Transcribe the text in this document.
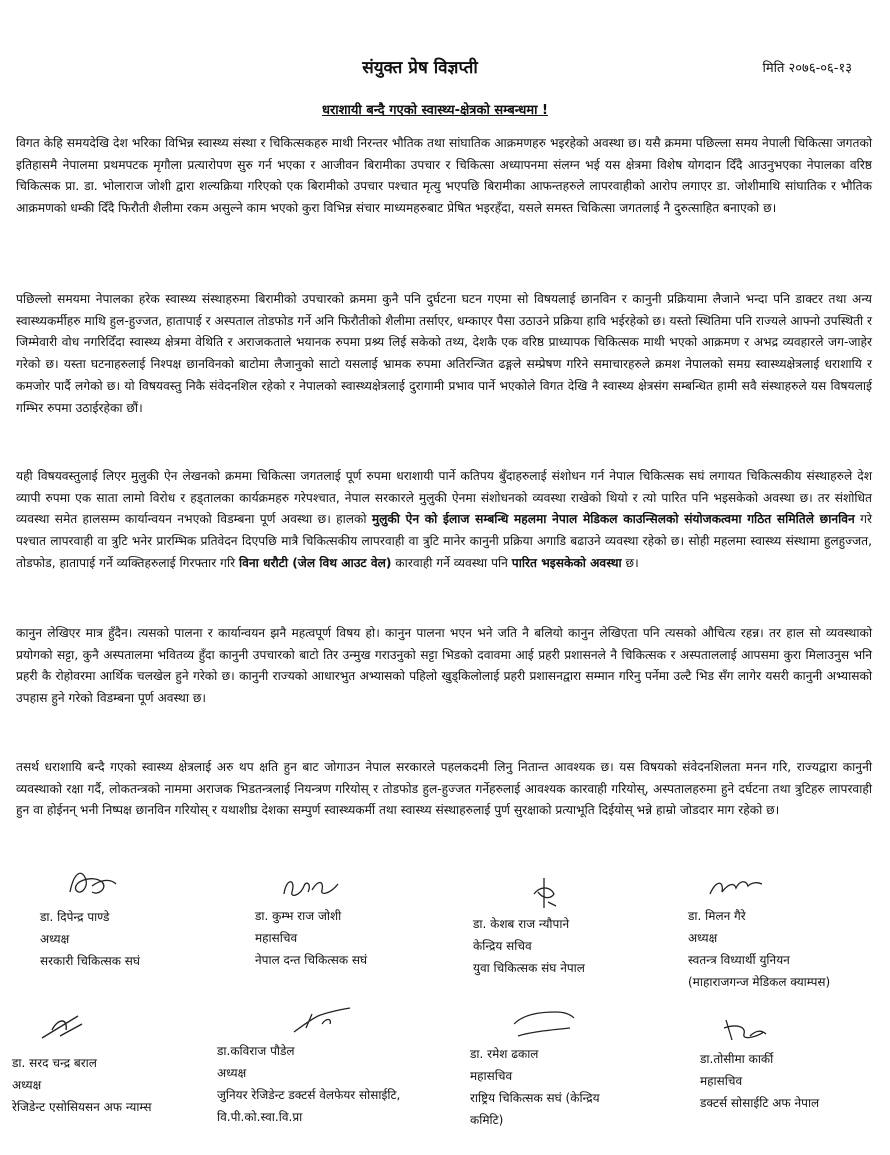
संयुक्त प्रेष विज्ञप्ती	मिति २०७६-०६-१३
धराशायी बन्दै गएको स्वास्थ्य-क्षेत्रको सम्बन्धमा !

विगत केहि समयदेखि देश भरिका विभिन्न स्वास्थ्य संस्था र चिकित्सकहरु माथी निरन्तर भौतिक तथा सांघातिक आक्रमणहरु भइरहेको अवस्था छ। यसै क्रममा पछिल्ला समय नेपाली चिकित्सा जगतको इतिहासमै नेपालमा प्रथमपटक मृगौला प्रत्यारोपण सुरु गर्न भएका र आजीवन बिरामीका उपचार र चिकित्सा अध्यापनमा संलग्न भई यस क्षेत्रमा विशेष योगदान दिँदै आउनुभएका नेपालका वरिष्ठ चिकित्सक प्रा. डा. भोलाराज जोशी द्वारा शल्यक्रिया गरिएको एक बिरामीको उपचार पश्चात मृत्यु भएपछि बिरामीका आफन्तहरुले लापरवाहीको आरोप लगाएर डा. जोशीमाथि सांघातिक र भौतिक आक्रमणको धम्की दिँदै फिरौती शैलीमा रकम असुल्ने काम भएको कुरा विभिन्न संचार माध्यमहरुबाट प्रेषित भइरहँदा, यसले समस्त चिकित्सा जगतलाई नै दुरुत्साहित बनाएको छ।

पछिल्लो समयमा नेपालका हरेक स्वास्थ्य संस्थाहरुमा बिरामीको उपचारको क्रममा कुनै पनि दुर्घटना घटन गएमा सो विषयलाई छानविन र कानुनी प्रक्रियामा लैजाने भन्दा पनि डाक्टर तथा अन्य स्वास्थ्यकर्मीहरु माथि हुल-हुज्जत, हातापाई र अस्पताल तोडफोड गर्ने अनि फिरौतीको शैलीमा तर्साएर, धम्काएर पैसा उठाउने प्रक्रिया हावि भईरहेको छ। यस्तो स्थितिमा पनि राज्यले आफ्नो उपस्थिती र जिम्मेवारी वोध नगरिदिँदा स्वास्थ्य क्षेत्रमा वेथिति र अराजकताले भयानक रुपमा प्रश्र्य लिई सकेको तथ्य, देशकै एक वरिष्ठ प्राध्यापक चिकित्सक माथी भएको आक्रमण र अभद्र व्यवहारले जग-जाहेर गरेको छ। यस्ता घटनाहरुलाई निश्पक्ष छानविनको बाटोमा लैजानुको साटो यसलाई भ्रामक रुपमा अतिरन्जित ढङ्गले सम्प्रेषण गरिने समाचारहरुले क्रमश नेपालको समग्र स्वास्थ्यक्षेत्रलाई धराशायि र कमजोर पार्दै लगेको छ। यो विषयवस्तु निकै संवेदनशिल रहेको र नेपालको स्वास्थ्यक्षेत्रलाई दुरागामी प्रभाव पार्ने भएकोले विगत देखि नै स्वास्थ्य क्षेत्रसंग सम्बन्धित हामी सवै संस्थाहरुले यस विषयलाई गम्भिर रुपमा उठाईरहेका छौं।

यही विषयवस्तुलाई लिएर मुलुकी ऐन लेखनको क्रममा चिकित्सा जगतलाई पूर्ण रुपमा धराशायी पार्ने कतिपय बुँदाहरुलाई संशोधन गर्न नेपाल चिकित्सक सघं लगायत चिकित्सकीय संस्थाहरुले देश व्यापी रुपमा एक साता लामो विरोध र हड्तालका कार्यक्रमहरु गरेपश्चात, नेपाल सरकारले मुलुकी ऐनमा संशोधनको व्यवस्था राखेको थियो र त्यो पारित पनि भइसकेको अवस्था छ। तर संशोधित व्यवस्था समेत हालसम्म कार्यान्वयन नभएको विडम्बना पूर्ण अवस्था छ। हालको मुलुकी ऐन को ईलाज सम्बन्धि महलमा नेपाल मेडिकल काउन्सिलको संयोजकत्वमा गठित समितिले छानविन गरे पश्चात लापरवाही वा त्रुटि भनेर प्रारम्भिक प्रतिवेदन दिएपछि मात्रै चिकित्सकीय लापरवाही वा त्रुटि मानेर कानुनी प्रक्रिया अगाडि बढाउने व्यवस्था रहेको छ। सोही महलमा स्वास्थ्य संस्थामा हुलहुज्जत, तोडफोड, हातापाई गर्ने व्यक्तिहरुलाई गिरफ्तार गरि विना धरौटी (जेल विथ आउट वेल) कारवाही गर्ने व्यवस्था पनि पारित भइसकेको अवस्था छ।

कानुन लेखिएर मात्र हुँदैन। त्यसको पालना र कार्यान्वयन झनै महत्वपूर्ण विषय हो। कानुन पालना भएन भने जति नै बलियो कानुन लेखिएता पनि त्यसको औचित्य रहन्न। तर हाल सो व्यवस्थाको प्रयोगको सट्टा, कुनै अस्पतालमा भवितव्य हुँदा कानुनी उपचारको बाटो तिर उन्मुख गराउनुको सट्टा भिडको दवावमा आई प्रहरी प्रशासनले नै चिकित्सक र अस्पताललाई आपसमा कुरा मिलाउनुस भनि प्रहरी कै रोहोवरमा आर्थिक चलखेल हुने गरेको छ। कानुनी राज्यको आधारभुत अभ्यासको पहिलो खुड्किलोलाई प्रहरी प्रशासनद्वारा सम्मान गरिनु पर्नेमा उल्टै भिड सँग लागेर यसरी कानुनी अभ्यासको उपहास हुने गरेको विडम्बना पूर्ण अवस्था छ।

तसर्थ धराशायि बन्दै गएको स्वास्थ्य क्षेत्रलाई अरु थप क्षति हुन बाट जोगाउन नेपाल सरकारले पहलकदमी लिनु नितान्त आवश्यक छ। यस विषयको संवेदनशिलता मनन गरि, राज्यद्वारा कानुनी व्यवस्थाको रक्षा गर्दै, लोकतन्त्रको नाममा अराजक भिडतन्त्रलाई नियन्त्रण गरियोस् र तोडफोड हुल-हुज्जत गर्नेहरुलाई आवश्यक कारवाही गरियोस्, अस्पतालहरुमा हुने दर्घटना तथा त्रुटिहरु लापरवाही हुन वा होईनन् भनी निष्पक्ष छानविन गरियोस् र यथाशीघ्र देशका सम्पुर्ण स्वास्थ्यकर्मी तथा स्वास्थ्य संस्थाहरुलाई पुर्ण सुरक्षाको प्रत्याभूति दिईयोस् भन्ने हाम्रो जोडदार माग रहेको छ।

डा. दिपेन्द्र पाण्डे
अध्यक्ष
सरकारी चिकित्सक सघं
डा. कुम्भ राज जोशी
महासचिव
नेपाल दन्त चिकित्सक सघं
डा. केशब राज न्यौपाने
केन्द्रिय सचिव
युवा चिकित्सक संघ नेपाल
डा. मिलन गैरे
अध्यक्ष
स्वतन्त्र विध्यार्थी युनियन
(माहाराजगन्ज मेडिकल क्याम्पस)
डा. सरद चन्द्र बराल
अध्यक्ष
रेजिडेन्ट एसोसियसन अफ न्याम्स
डा.कविराज पौडेल
अध्यक्ष
जुनियर रेजिडेन्ट डक्टर्स वेलफेयर सोसाईटि,
वि.पी.को.स्वा.वि.प्रा
डा. रमेश ढकाल
महासचिव
राष्ट्रिय चिकित्सक सघं (केन्द्रिय
कमिटि)
डा.तोसीमा कार्की
महासचिव
डक्टर्स सोसाईटि अफ नेपाल
